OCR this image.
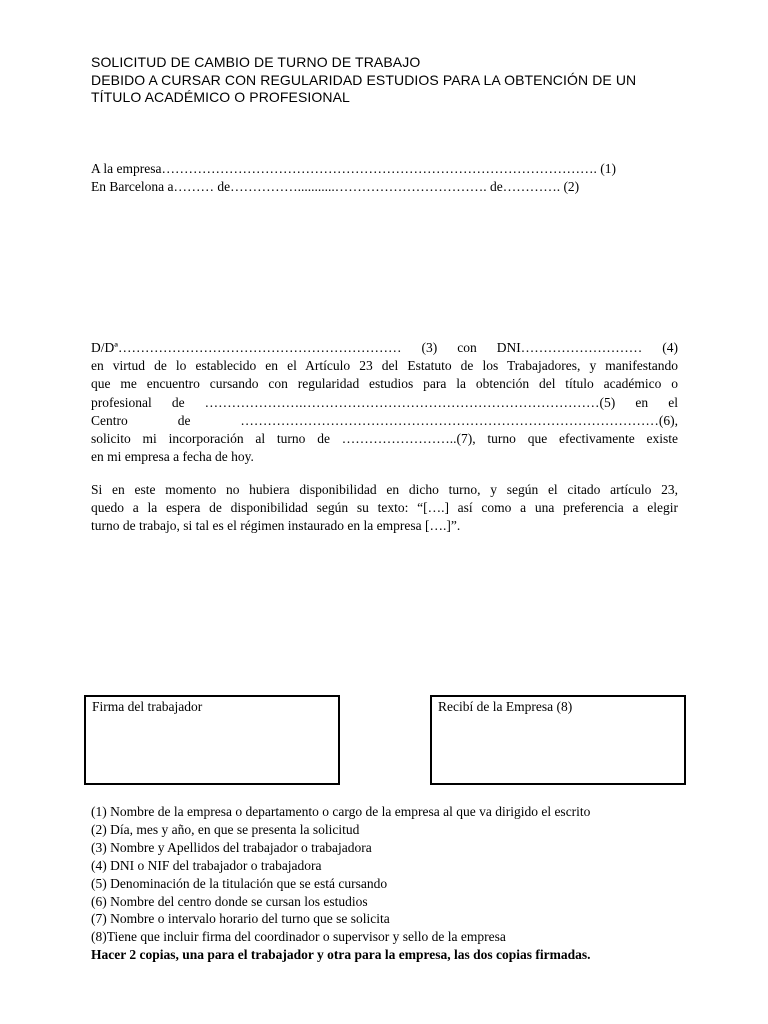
SOLICITUD DE CAMBIO DE TURNO DE TRABAJO
DEBIDO A CURSAR CON REGULARIDAD ESTUDIOS PARA LA OBTENCIÓN DE UN
TÍTULO ACADÉMICO O PROFESIONAL
A la empresa……………………………………………………………………………………. (1)
En Barcelona a……… de……………...........……………………………. de…………. (2)
D/Dª……………………………………………………… (3) con DNI……………………… (4)
en virtud de lo establecido en el Artículo 23 del Estatuto de los Trabajadores, y manifestando
que me encuentro cursando con regularidad estudios para la obtención del título académico o
profesional de ………………….…………………………………………………………(5) en el
Centro de …………………………………………………………………………………(6),
solicito mi incorporación al turno de ……………………..(7), turno que efectivamente existe
en mi empresa a fecha de hoy.
Si en este momento no hubiera disponibilidad en dicho turno, y según el citado artículo 23,
quedo a la espera de disponibilidad según su texto: “[….] así como a una preferencia a elegir
turno de trabajo, si tal es el régimen instaurado en la empresa [….]”.
Firma del trabajador	Recibí de la Empresa (8)
(1) Nombre de la empresa o departamento o cargo de la empresa al que va dirigido el escrito
(2) Día, mes y año, en que se presenta la solicitud
(3) Nombre y Apellidos del trabajador o trabajadora
(4) DNI o NIF del trabajador o trabajadora
(5) Denominación de la titulación que se está cursando
(6) Nombre del centro donde se cursan los estudios
(7) Nombre o intervalo horario del turno que se solicita
(8)Tiene que incluir firma del coordinador o supervisor y sello de la empresa
Hacer 2 copias, una para el trabajador y otra para la empresa, las dos copias firmadas.
